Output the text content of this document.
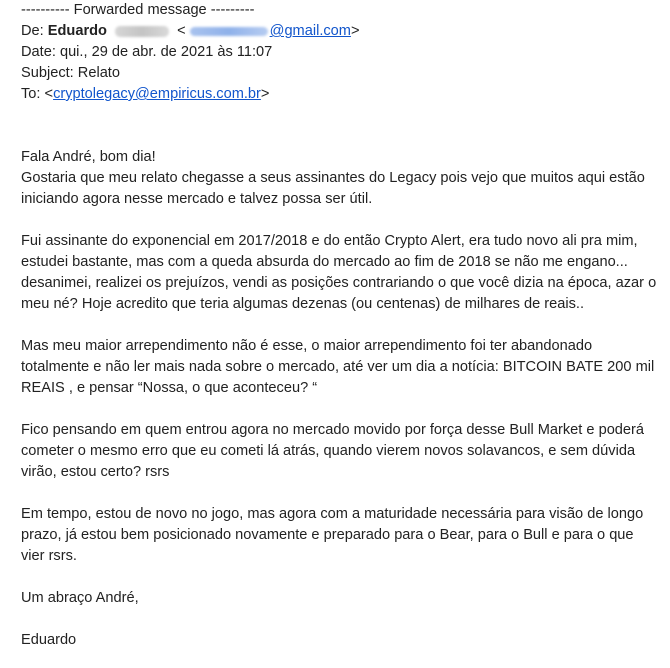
---------- Forwarded message ---------
De: Eduardo	<	@gmail.com>
Date: qui., 29 de abr. de 2021 às 11:07
Subject: Relato
To: <cryptolegacy@empiricus.com.br>

Fala André, bom dia!
Gostaria que meu relato chegasse a seus assinantes do Legacy pois vejo que muitos aqui estão iniciando agora nesse mercado e talvez possa ser útil.

Fui assinante do exponencial em 2017/2018 e do então Crypto Alert, era tudo novo ali pra mim, estudei bastante, mas com a queda absurda do mercado ao fim de 2018 se não me engano... desanimei, realizei os prejuízos, vendi as posições contrariando o que você dizia na época, azar o meu né? Hoje acredito que teria algumas dezenas (ou centenas) de milhares de reais..

Mas meu maior arrependimento não é esse, o maior arrependimento foi ter abandonado totalmente e não ler mais nada sobre o mercado, até ver um dia a notícia: BITCOIN BATE 200 mil REAIS , e pensar “Nossa, o que aconteceu? “

Fico pensando em quem entrou agora no mercado movido por força desse Bull Market e poderá cometer o mesmo erro que eu cometi lá atrás, quando vierem novos solavancos, e sem dúvida virão, estou certo? rsrs

Em tempo, estou de novo no jogo, mas agora com a maturidade necessária para visão de longo prazo, já estou bem posicionado novamente e preparado para o Bear, para o Bull e para o que vier rsrs.

Um abraço André,

Eduardo
